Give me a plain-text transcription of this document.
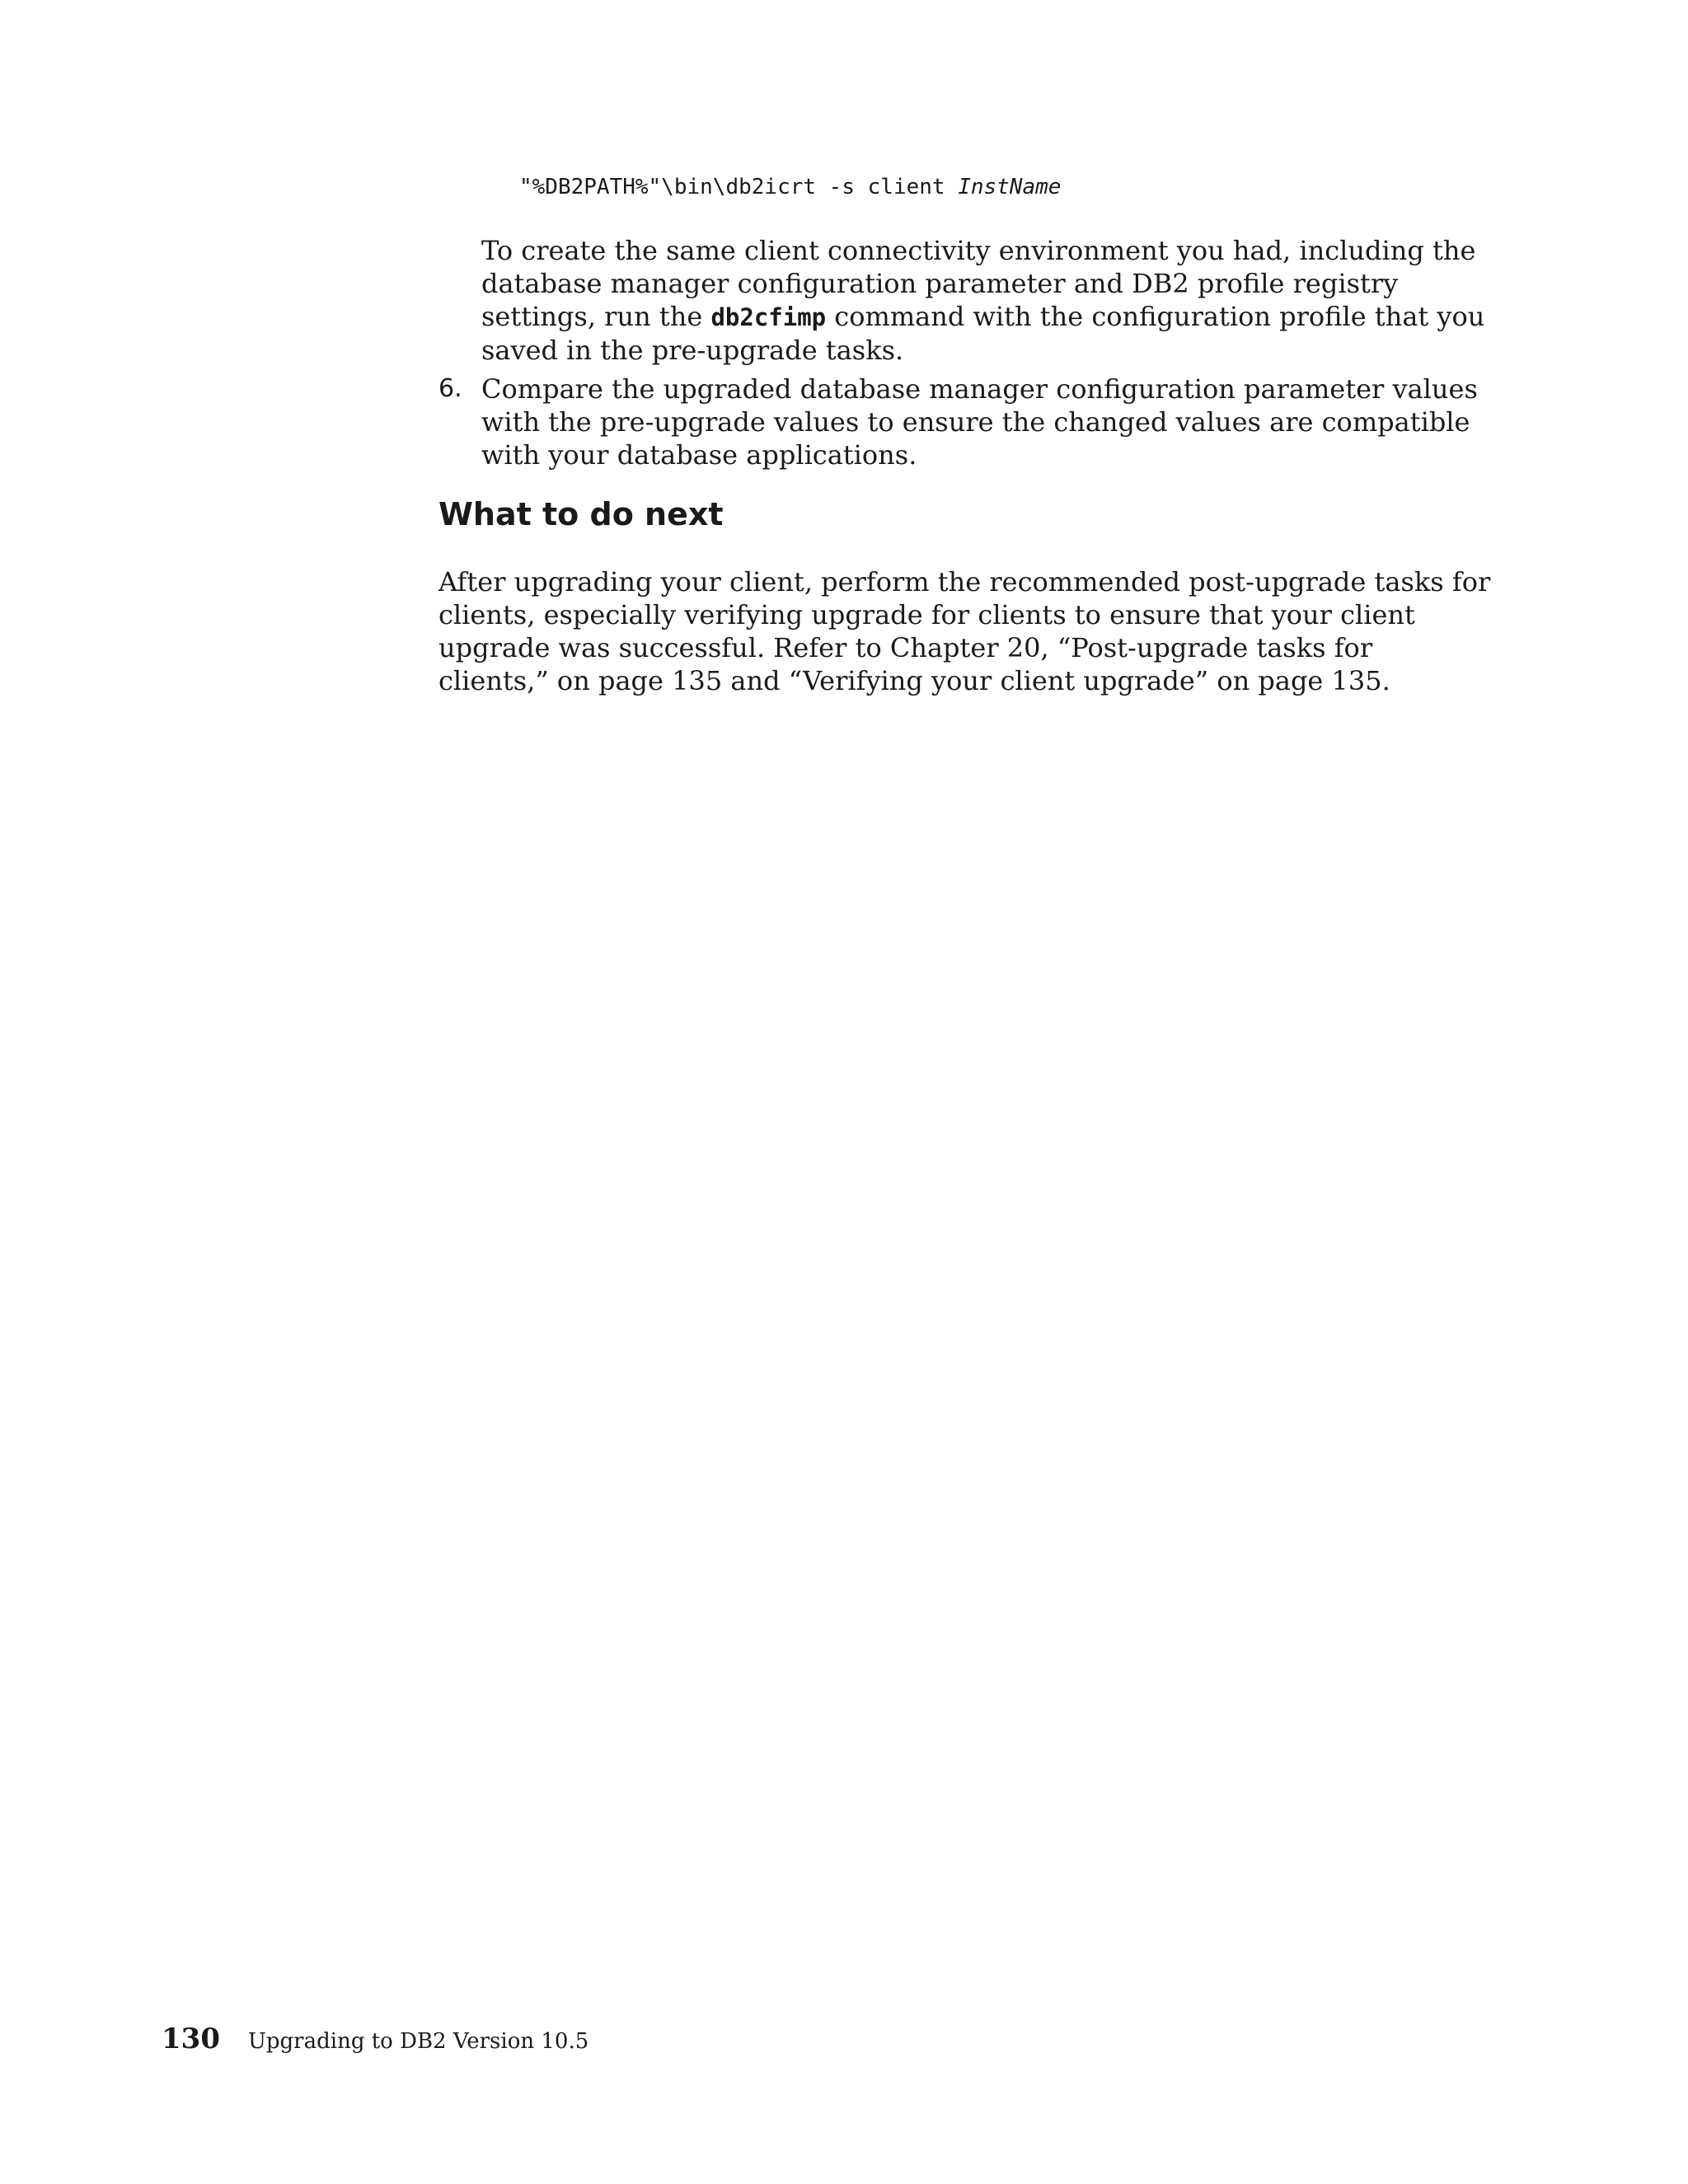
"%DB2PATH%"\bin\db2icrt -s client InstName

To create the same client connectivity environment you had, including the database manager configuration parameter and DB2 profile registry settings, run the db2cfimp command with the configuration profile that you saved in the pre-upgrade tasks.

6. Compare the upgraded database manager configuration parameter values with the pre-upgrade values to ensure the changed values are compatible with your database applications.

What to do next

After upgrading your client, perform the recommended post-upgrade tasks for clients, especially verifying upgrade for clients to ensure that your client upgrade was successful. Refer to Chapter 20, “Post-upgrade tasks for clients,” on page 135 and “Verifying your client upgrade” on page 135.

130 Upgrading to DB2 Version 10.5
